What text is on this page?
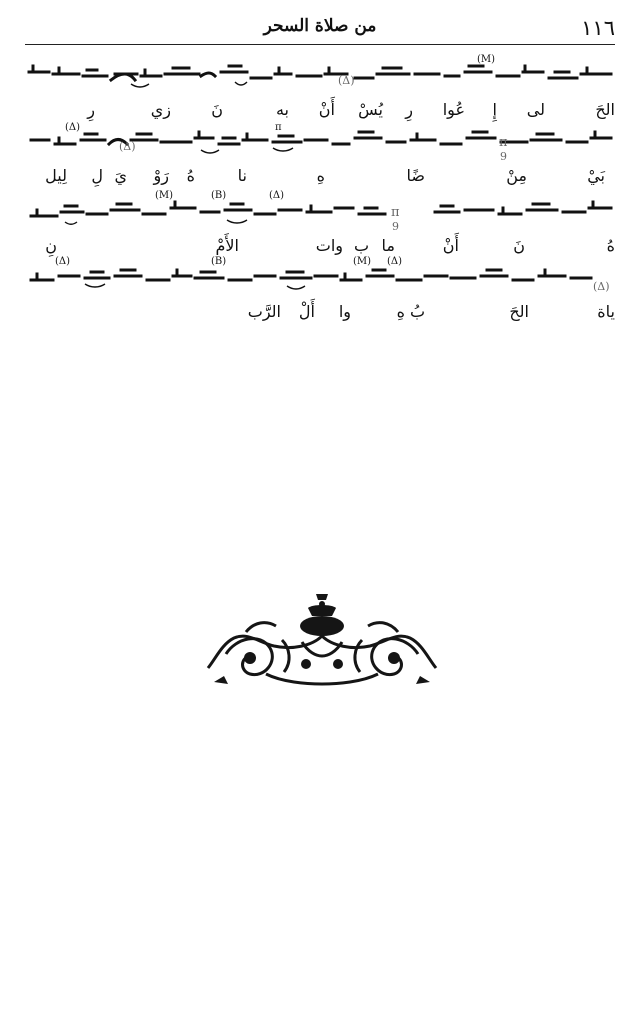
١١٦
من صلاة السحر
(Δ)
(M)
الحَ
لى
إِ
عُوا
رِ
يُسْ
أَنْ
به
نَ
زي
رِ
(Δ)	π
9
(Δ)	π
بَيْ
مِنْ
ضًا
هِ
نا
هُ
رَوْ
يَ
لِ
لِيل
π
9
(M)	(B)	(Δ)
هُ
نَ
أَنْ
ما
ب
وات
الأَمْ
نِ
(Δ)
(Δ)	(B)	(M) (Δ)
ياة
الحَ
بُ
هِ
وا
أَلْ
الرَّب
